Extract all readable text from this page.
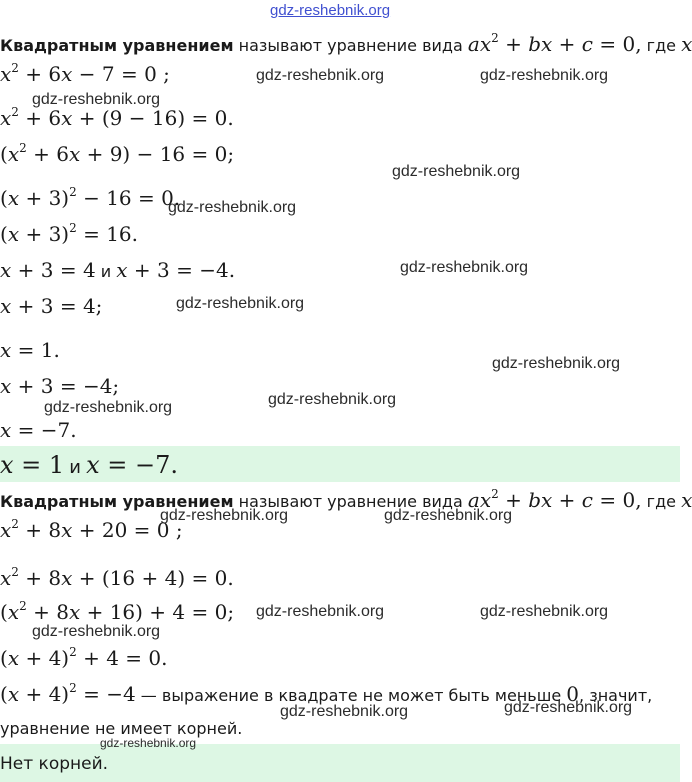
gdz-reshebnik.org
Квадратным уравнением называют уравнение вида $ax^2$ + bx + c = 0, где x
$x^2 + 6x - 7 = 0$ ;
$x^2 + 6x + (9 - 16) = 0$.
$(x^2 + 6x + 9) - 16 = 0$;
$(x + 3)^2 - 16 = 0$.
$(x + 3)^2 = 16$.
x + 3 = 4 и x + 3 = −4.
x + 3 = 4;
x = 1.
x + 3 = −4;
x = −7.
x = 1 и x = −7.
Квадратным уравнением называют уравнение вида $ax^2$ + bx + c = 0, где x
$x^2 + 8x + 20 = 0$ ;
$x^2 + 8x + (16 + 4) = 0$.
$(x^2 + 8x + 16) + 4 = 0$;
$(x + 4)^2 + 4 = 0$.
$(x + 4)^2 = -4$ — выражение в квадрате не может быть меньше 0, значит,
уравнение не имеет корней.
Нет корней.
gdz-reshebnik.org	gdz-reshebnik.org
gdz-reshebnik.org
gdz-reshebnik.org
gdz-reshebnik.org
gdz-reshebnik.org
gdz-reshebnik.org
gdz-reshebnik.org
gdz-reshebnik.org
gdz-reshebnik.org
gdz-reshebnik.org	gdz-reshebnik.org
gdz-reshebnik.org	gdz-reshebnik.org
gdz-reshebnik.org
gdz-reshebnik.org	gdz-reshebnik.org
gdz-reshebnik.org
